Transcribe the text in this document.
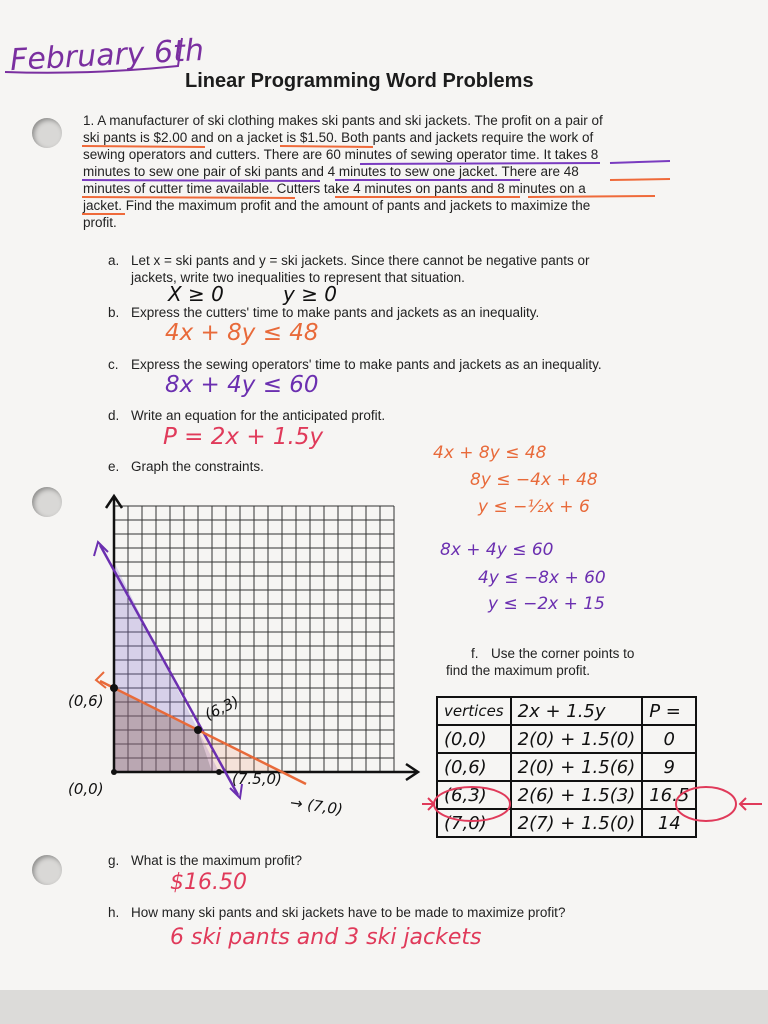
February 6th
Linear Programming Word Problems
1. A manufacturer of ski clothing makes ski pants and ski jackets. The profit on a pair of
ski pants is $2.00 and on a jacket is $1.50. Both pants and jackets require the work of
sewing operators and cutters. There are 60 minutes of sewing operator time. It takes 8
minutes to sew one pair of ski pants and 4 minutes to sew one jacket. There are 48
minutes of cutter time available. Cutters take 4 minutes on pants and 8 minutes on a
jacket. Find the maximum profit and the amount of pants and jackets to maximize the
profit.
a. Let x = ski pants and y = ski jackets. Since there cannot be negative pants or
jackets, write two inequalities to represent that situation.
X ≥ 0	y ≥ 0
b. Express the cutters' time to make pants and jackets as an inequality.
4x + 8y ≤ 48
c. Express the sewing operators' time to make pants and jackets as an inequality.
8x + 4y ≤ 60
d. Write an equation for the anticipated profit.
P = 2x + 1.5y
e. Graph the constraints.
4x + 8y ≤ 48
8y ≤ −4x + 48
y ≤ −½x + 6
8x + 4y ≤ 60
4y ≤ −8x + 60
y ≤ −2x + 15
f. Use the corner points to
find the maximum profit.
(0,6)
(0,0)
(6,3)
(7.5,0)
→ (7,0)
vertices	2x + 1.5y	P =
(0,0)	2(0) + 1.5(0)	0
(0,6)	2(0) + 1.5(6)	9
(6,3)	2(6) + 1.5(3)	16.5
(7,0)	2(7) + 1.5(0)	14
g. What is the maximum profit?
$16.50
h. How many ski pants and ski jackets have to be made to maximize profit?
6 ski pants and 3 ski jackets
